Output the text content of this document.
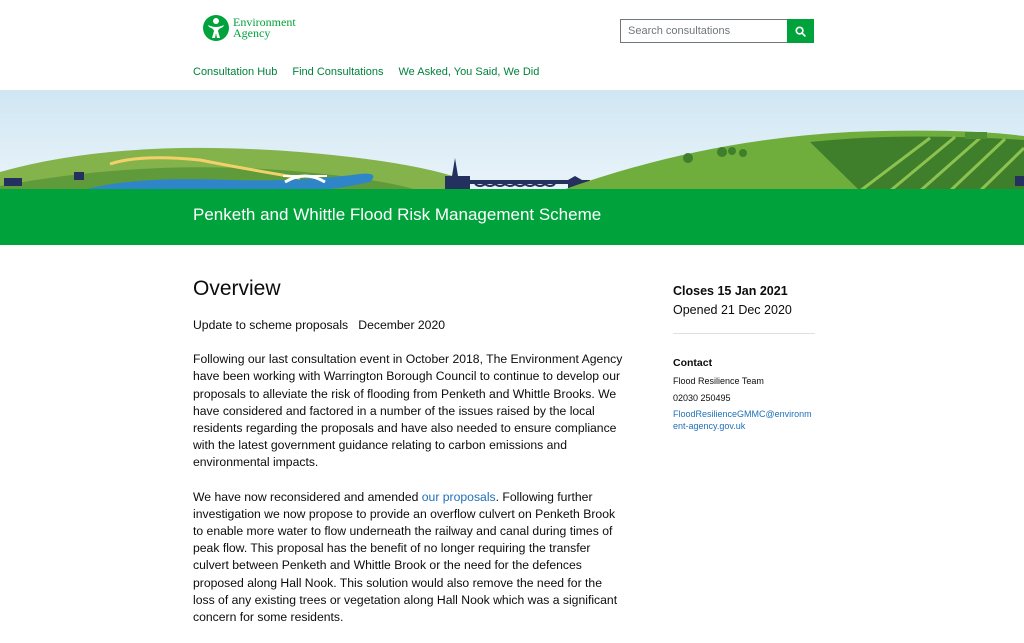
Environment
Agency
Search consultations
Consultation Hub Find Consultations We Asked, You Said, We Did
Penketh and Whittle Flood Risk Management Scheme
Overview

Update to scheme proposals   December 2020

Following our last consultation event in October 2018, The Environment Agency have been working with Warrington Borough Council to continue to develop our proposals to alleviate the risk of flooding from Penketh and Whittle Brooks. We have considered and factored in a number of the issues raised by the local residents regarding the proposals and have also needed to ensure compliance with the latest government guidance relating to carbon emissions and environmental impacts.

We have now reconsidered and amended our proposals. Following further investigation we now propose to provide an overflow culvert on Penketh Brook to enable more water to flow underneath the railway and canal during times of peak flow. This proposal has the benefit of no longer requiring the transfer culvert between Penketh and Whittle Brook or the need for the defences proposed along Hall Nook. This solution would also remove the need for the loss of any existing trees or vegetation along Hall Nook which was a significant concern for some residents.

Closes 15 Jan 2021
Opened 21 Dec 2020
Contact
Flood Resilience Team
02030 250495
FloodResilienceGMMC@environment-agency.gov.uk
